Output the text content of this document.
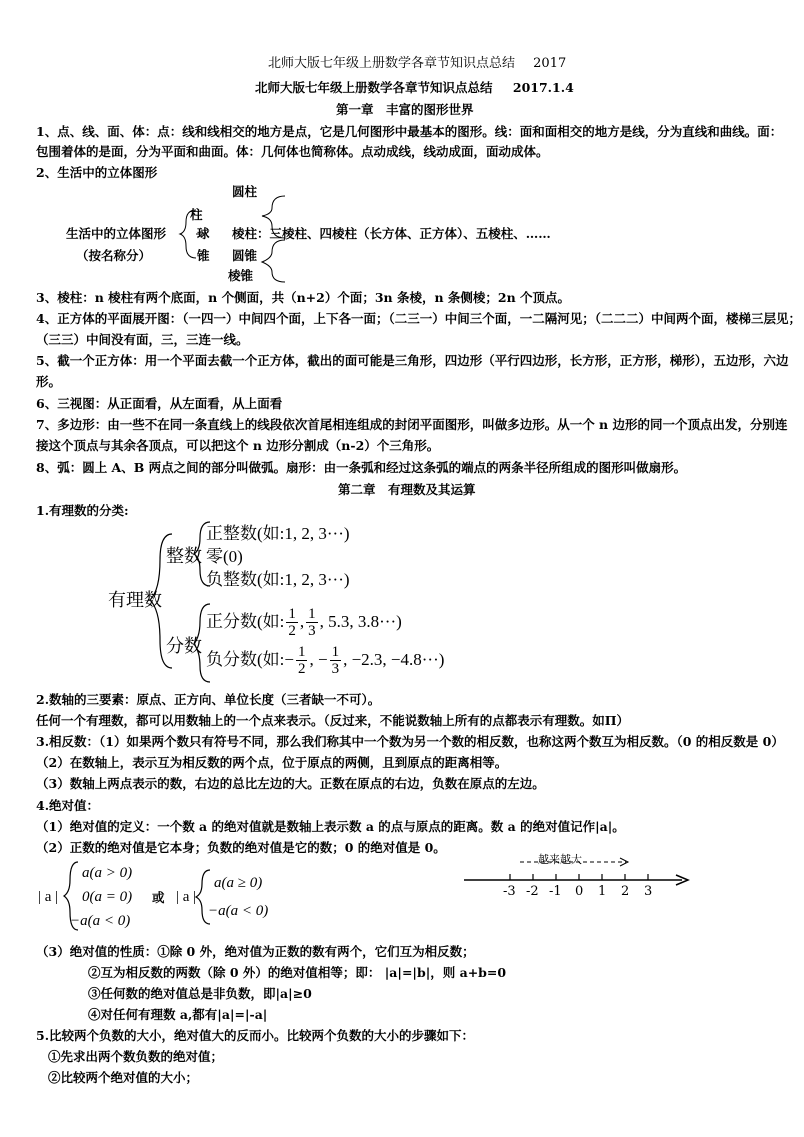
北师大版七年级上册数学各章节知识点总结 2017
北师大版七年级上册数学各章节知识点总结 2017.1.4
第一章　丰富的图形世界
1、点、线、面、体：点：线和线相交的地方是点，它是几何图形中最基本的图形。线：面和面相交的地方是线，分为直线和曲线。面：
包围着体的是面，分为平面和曲面。体：几何体也简称体。点动成线，线动成面，面动成体。
2、生活中的立体图形
圆柱
柱
生活中的立体图形 球 棱柱：三棱柱、四棱柱（长方体、正方体）、五棱柱、……
（按名称分）	锥 圆锥
棱锥
3、棱柱：n 棱柱有两个底面，n 个侧面，共（n+2）个面；3n 条棱，n 条侧棱；2n 个顶点。
4、正方体的平面展开图：（一四一）中间四个面，上下各一面；（二三一）中间三个面，一二隔河见；（二二二）中间两个面，楼梯三层见；
（三三）中间没有面，三，三连一线。
5、截一个正方体：用一个平面去截一个正方体，截出的面可能是三角形，四边形（平行四边形，长方形，正方形，梯形），五边形，六边
形。
6、三视图：从正面看，从左面看，从上面看
7、多边形：由一些不在同一条直线上的线段依次首尾相连组成的封闭平面图形，叫做多边形。从一个 n 边形的同一个顶点出发，分别连
接这个顶点与其余各顶点，可以把这个 n 边形分割成（n-2）个三角形。
8、弧：圆上 A、B 两点之间的部分叫做弧。扇形：由一条弧和经过这条弧的端点的两条半径所组成的图形叫做扇形。
第二章　有理数及其运算
1.有理数的分类:
有理数
整数
分数
正整数(如:1, 2, 3···)
零(0)
负整数(如:1, 2, 3···)
正分数(如: $\frac{1}{2}$ , $\frac{1}{3}$ , 5.3, 3.8···)
负分数(如:− $\frac{1}{2}$ , − $\frac{1}{3}$ , −2.3, −4.8···)
2.数轴的三要素：原点、正方向、单位长度（三者缺一不可）。
任何一个有理数，都可以用数轴上的一个点来表示。（反过来，不能说数轴上所有的点都表示有理数。如Π）
3.相反数：（1）如果两个数只有符号不同，那么我们称其中一个数为另一个数的相反数，也称这两个数互为相反数。（0 的相反数是 0）
（2）在数轴上，表示互为相反数的两个点，位于原点的两侧，且到原点的距离相等。
（3）数轴上两点表示的数，右边的总比左边的大。正数在原点的右边，负数在原点的左边。
4.绝对值：
（1）绝对值的定义：一个数 a 的绝对值就是数轴上表示数 a 的点与原点的距离。数 a 的绝对值记作|a|。
（2）正数的绝对值是它本身；负数的绝对值是它的数；0 的绝对值是 0。
| a |
a(a > 0)
0(a = 0)
−a(a < 0)
或 | a |
a(a ≥ 0)
−a(a < 0)
越来越大
-3 -2 -1 0 1 2 3
（3）绝对值的性质：①除 0 外，绝对值为正数的数有两个，它们互为相反数；
②互为相反数的两数（除 0 外）的绝对值相等；即： |a|=|b|，则 a+b=0
③任何数的绝对值总是非负数，即|a|≥0
④对任何有理数 a,都有|a|=|-a|
5.比较两个负数的大小，绝对值大的反而小。比较两个负数的大小的步骤如下：
①先求出两个数负数的绝对值；
②比较两个绝对值的大小；
